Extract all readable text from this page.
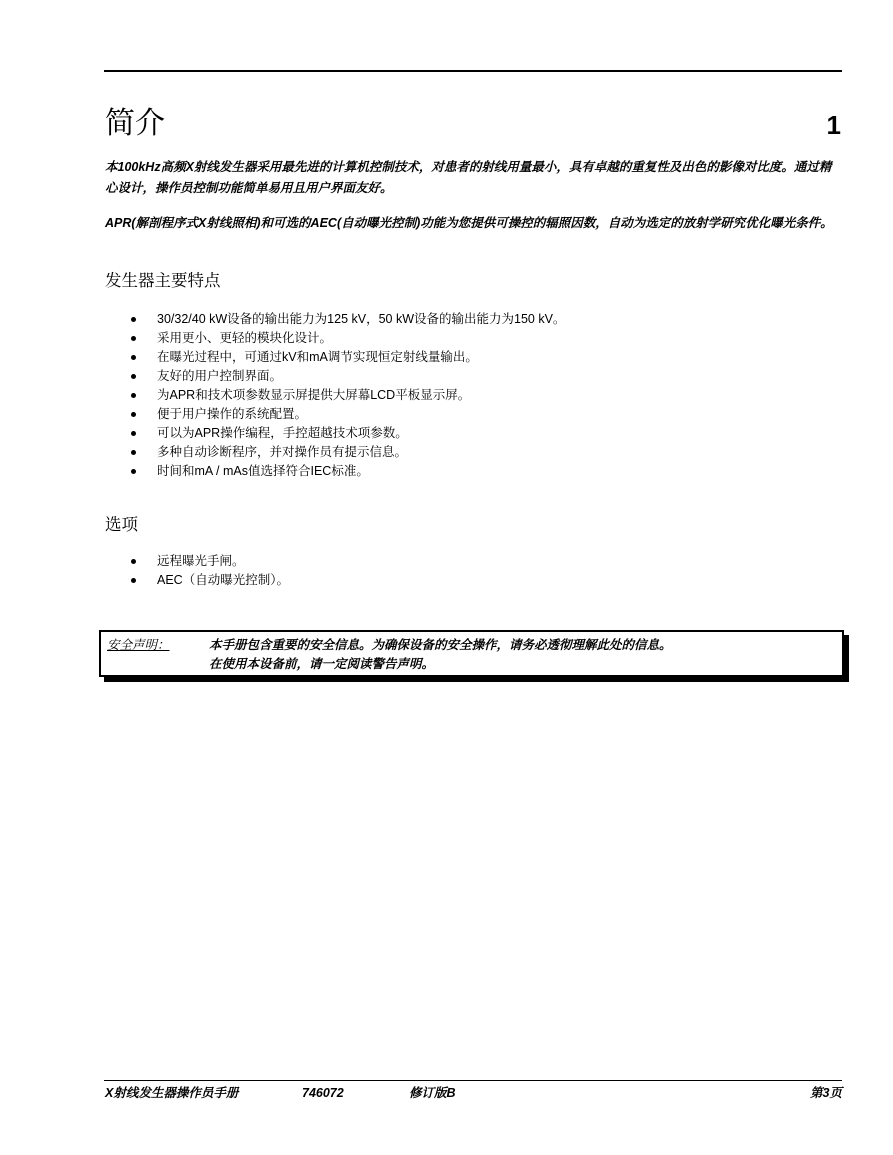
简介	1

本100kHz高频X射线发生器采用最先进的计算机控制技术，对患者的射线用量最小，具有卓越的重复性及出色的影像对比度。通过精心设计，操作员控制功能简单易用且用户界面友好。

APR(解剖程序式X射线照相)和可选的AEC(自动曝光控制)功能为您提供可操控的辐照因数，自动为选定的放射学研究优化曝光条件。

发生器主要特点
30/32/40 kW设备的输出能力为125 kV，50 kW设备的输出能力为150 kV。
采用更小、更轻的模块化设计。
在曝光过程中，可通过kV和mA调节实现恒定射线量输出。
友好的用户控制界面。
为APR和技术项参数显示屏提供大屏幕LCD平板显示屏。
便于用户操作的系统配置。
可以为APR操作编程，手控超越技术项参数。
多种自动诊断程序，并对操作员有提示信息。
时间和mA / mAs值选择符合IEC标准。
选项
远程曝光手闸。
AEC（自动曝光控制）。
安全声明：	本手册包含重要的安全信息。为确保设备的安全操作，请务必透彻理解此处的信息。
在使用本设备前，请一定阅读警告声明。
X射线发生器操作员手册	746072	修订版B	第3页
